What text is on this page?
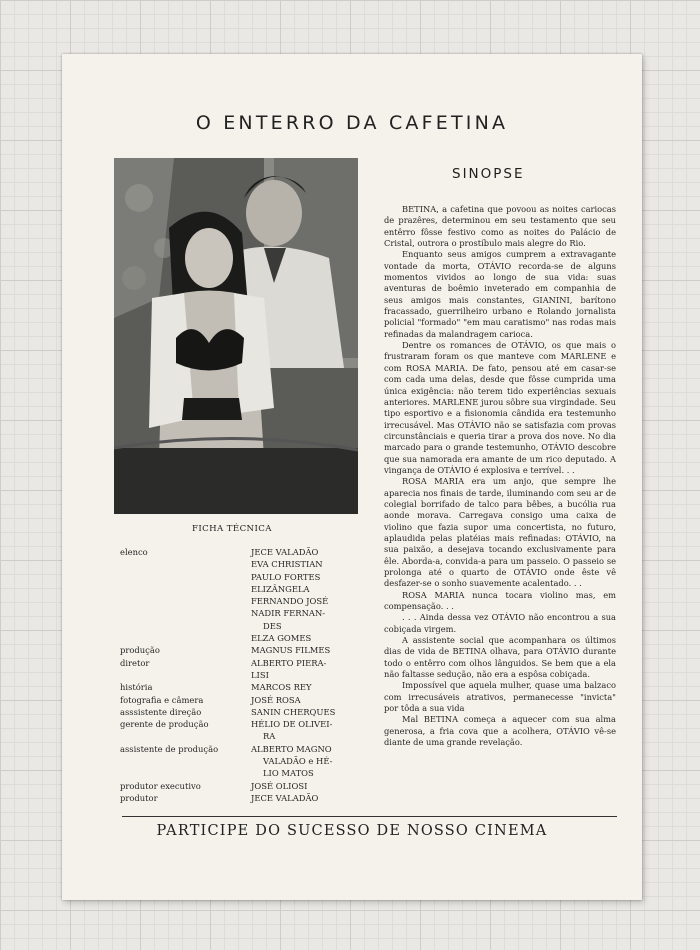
O ENTERRO DA CAFETINA
SINOPSE

BETINA, a cafetina que povoou as noites cariocas de prazêres, determinou em seu testamento que seu entêrro fôsse festivo como as noites do Palácio de Cristal, outrora o prostíbulo mais alegre do Rio.

Enquanto seus amigos cumprem a extravagante vontade da morta, OTÁVIO recorda-se de alguns momentos vividos ao longo de sua vida: suas aventuras de boêmio inveterado em companhia de seus amigos mais constantes, GIANINI, barítono fracassado, guerrilheiro urbano e Rolando jornalista policial "formado" "em mau caratismo" nas rodas mais refinadas da malandragem carioca.

Dentre os romances de OTÁVIO, os que mais o frustraram foram os que manteve com MARLENE e com ROSA MARIA. De fato, pensou até em casar-se com cada uma delas, desde que fôsse cumprida uma única exigência: não terem tido experiências sexuais anteriores. MARLENE jurou sôbre sua virgindade. Seu tipo esportivo e a fisionomia cândida era testemunho irrecusável. Mas OTÁVIO não se satisfazia com provas circunstânciais e queria tirar a prova dos nove. No dia marcado para o grande testemunho, OTÁVIO descobre que sua namorada era amante de um rico deputado. A vingança de OTÁVIO é explosiva e terrível. . .

ROSA MARIA era um anjo, que sempre lhe aparecia nos finais de tarde, iluminando com seu ar de colegial borrifado de talco para bêbes, a bucólia rua aonde morava. Carregava consigo uma caixa de violino que fazia supor uma concertista, no futuro, aplaudida pelas platéias mais refinadas: OTÁVIO, na sua paixão, a desejava tocando exclusivamente para êle. Aborda-a, convida-a para um passeio. O passeio se prolonga até o quarto de OTÁVIO onde êste vê desfazer-se o sonho suavemente acalentado. . .

ROSA MARIA nunca tocara violino mas, em compensação. . .

. . . Ainda dessa vez OTÁVIO não encontrou a sua cobiçada virgem.

A assistente social que acompanhara os últimos dias de vida de BETINA olhava, para OTÁVIO durante todo o entêrro com olhos lânguidos. Se bem que a ela não faltasse sedução, não era a espôsa cobiçada.

Impossível que aquela mulher, quase uma balzaco com irrecusáveis atrativos, permanecesse "invicta" por tôda a sua vida

Mal BETINA começa a aquecer com sua alma generosa, a fria cova que a acolhera, OTÁVIO vê-se diante de uma grande revelação.

FICHA TÉCNICA
elenco	JECE VALADÃO
EVA CHRISTIAN
PAULO FORTES
ELIZÂNGELA
FERNANDO JOSÉ
NADIR FERNAN-
DES
ELZA GOMES
produção	MAGNUS FILMES
diretor	ALBERTO PIERA-
LISI
história	MARCOS REY
fotografia e câmera	JOSÉ ROSA
asssistente direção	SANIN CHERQUES
gerente de produção	HÉLIO DE OLIVEI-
RA
assistente de produção	ALBERTO MAGNO
VALADÃO e HÉ-
LIO MATOS
produtor executivo	JOSÉ OLIOSI
produtor	JECE VALADÃO
PARTICIPE DO SUCESSO DE NOSSO CINEMA
